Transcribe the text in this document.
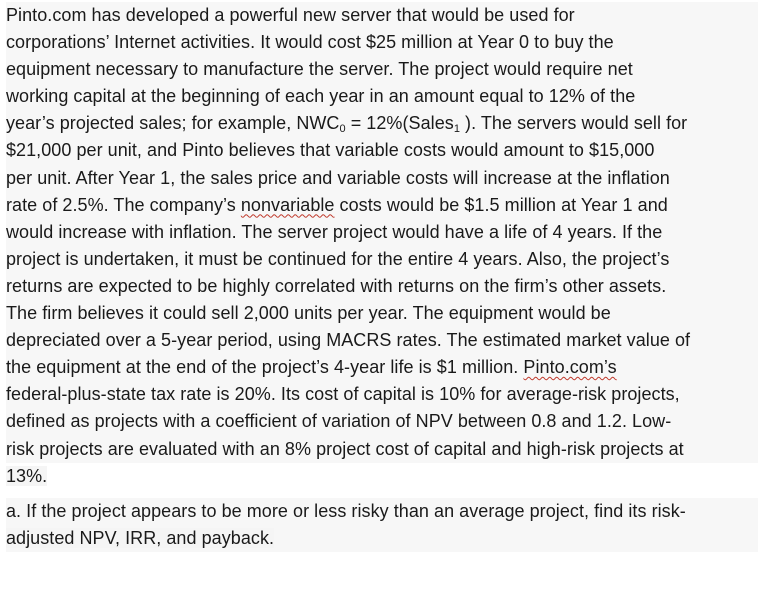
Pinto.com has developed a powerful new server that would be used for
corporations’ Internet activities. It would cost $25 million at Year 0 to buy the
equipment necessary to manufacture the server. The project would require net
working capital at the beginning of each year in an amount equal to 12% of the
year’s projected sales; for example, $NWC_0$ = 12%(Sales$_1$ ). The servers would sell for
$21,000 per unit, and Pinto believes that variable costs would amount to $15,000
per unit. After Year 1, the sales price and variable costs will increase at the inflation
rate of 2.5%. The company’s nonvariable costs would be $1.5 million at Year 1 and
would increase with inflation. The server project would have a life of 4 years. If the
project is undertaken, it must be continued for the entire 4 years. Also, the project’s
returns are expected to be highly correlated with returns on the firm’s other assets.
The firm believes it could sell 2,000 units per year. The equipment would be
depreciated over a 5-year period, using MACRS rates. The estimated market value of
the equipment at the end of the project’s 4-year life is $1 million. Pinto.com’s
federal-plus-state tax rate is 20%. Its cost of capital is 10% for average-risk projects,
defined as projects with a coefficient of variation of NPV between 0.8 and 1.2. Low-
risk projects are evaluated with an 8% project cost of capital and high-risk projects at
13%.
a. If the project appears to be more or less risky than an average project, find its risk-
adjusted NPV, IRR, and payback.
